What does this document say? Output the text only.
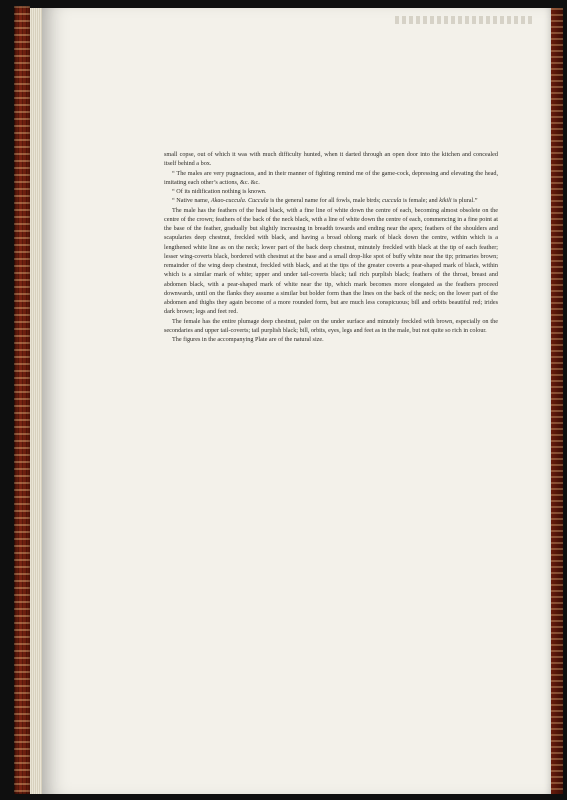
small copse, out of which it was with much difficulty hunted, when it darted through an open door into the kitchen and concealed itself behind a box.

“ The males are very pugnacious, and in their manner of fighting remind me of the game-cock, depressing and elevating the head, imitating each other’s actions, &c. &c.

“ Of its nidification nothing is known.

“ Native name, Akao-cuccula. Cuccula is the general name for all fowls, male birds; cuccula is female; and kikili is plural.”

The male has the feathers of the head black, with a fine line of white down the centre of each, becoming almost obsolete on the centre of the crown; feathers of the back of the neck black, with a line of white down the centre of each, commencing in a fine point at the base of the feather, gradually but slightly increasing in breadth towards and ending near the apex; feathers of the shoulders and scapularies deep chestnut, freckled with black, and having a broad oblong mark of black down the centre, within which is a lengthened white line as on the neck; lower part of the back deep chestnut, minutely freckled with black at the tip of each feather; lesser wing-coverts black, bordered with chestnut at the base and a small drop-like spot of buffy white near the tip; primaries brown; remainder of the wing deep chestnut, freckled with black, and at the tips of the greater coverts a pear-shaped mark of black, within which is a similar mark of white; upper and under tail-coverts black; tail rich purplish black; feathers of the throat, breast and abdomen black, with a pear-shaped mark of white near the tip, which mark becomes more elongated as the feathers proceed downwards, until on the flanks they assume a similar but bolder form than the lines on the back of the neck; on the lower part of the abdomen and thighs they again become of a more rounded form, but are much less conspicuous; bill and orbits beautiful red; irides dark brown; legs and feet red.

The female has the entire plumage deep chestnut, paler on the under surface and minutely freckled with brown, especially on the secondaries and upper tail-coverts; tail purplish black; bill, orbits, eyes, legs and feet as in the male, but not quite so rich in colour.

The figures in the accompanying Plate are of the natural size.
